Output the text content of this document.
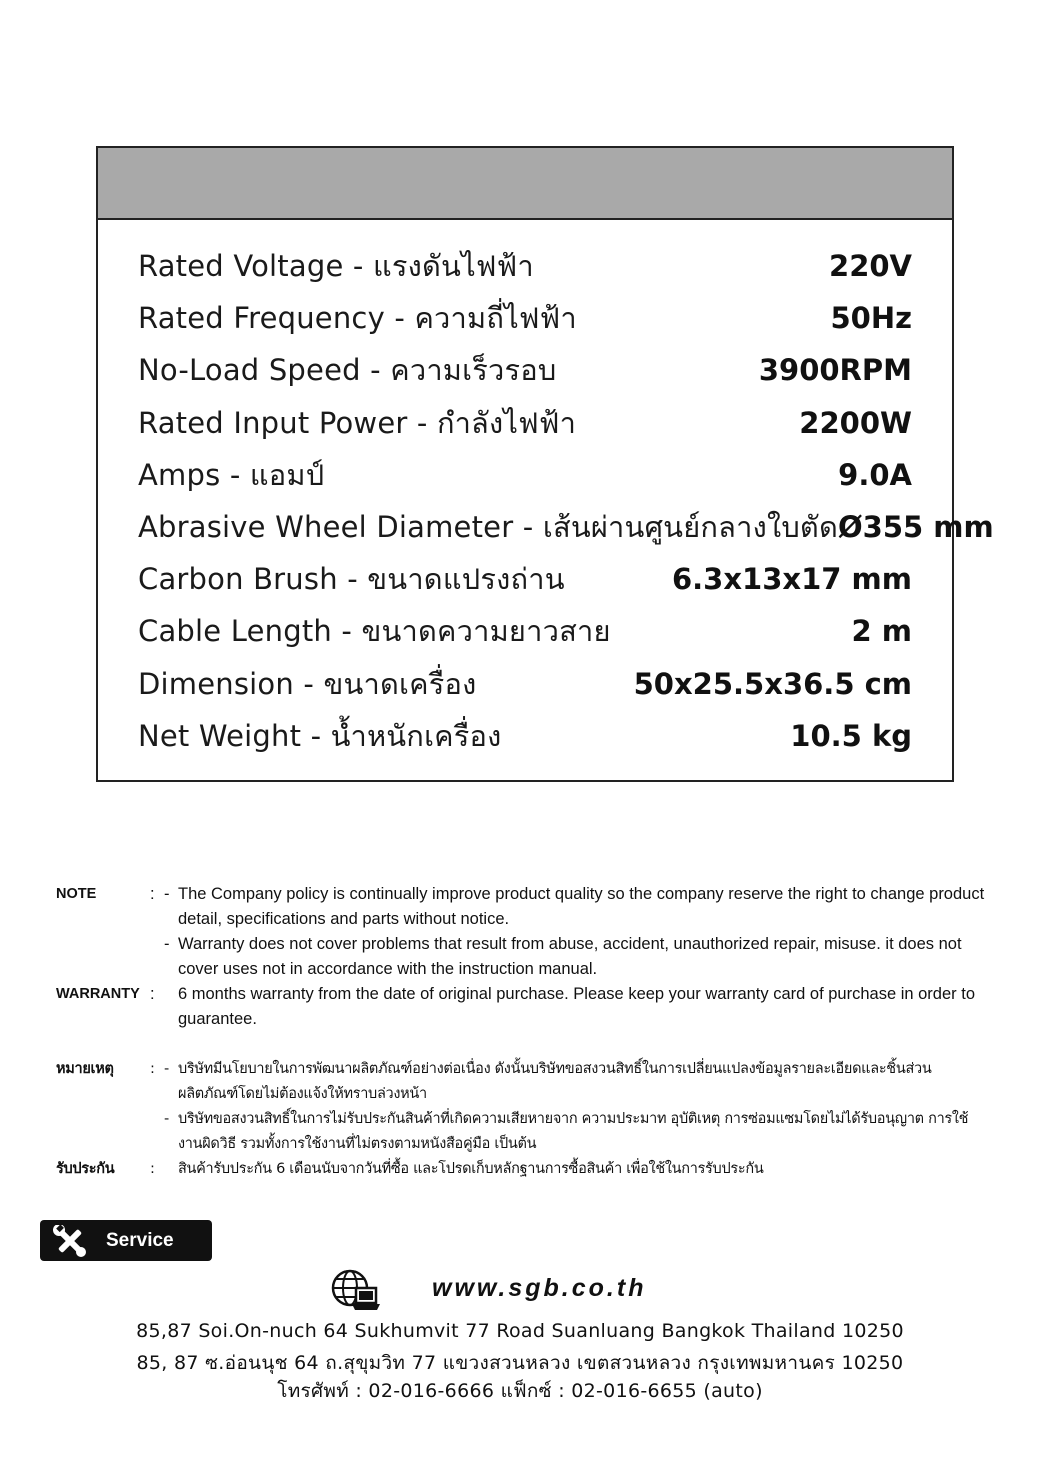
Rated Voltage - แรงดันไฟฟ้า	220V
Rated Frequency - ความถี่ไฟฟ้า	50Hz
No-Load Speed - ความเร็วรอบ	3900RPM
Rated Input Power - กำลังไฟฟ้า	2200W
Amps - แอมป์	9.0A
Abrasive Wheel Diameter - เส้นผ่านศูนย์กลางใบตัด Ø355 mm
Carbon Brush - ขนาดแปรงถ่าน	6.3x13x17 mm
Cable Length - ขนาดความยาวสาย	2 m
Dimension - ขนาดเครื่อง	50x25.5x36.5 cm
Net Weight - น้ำหนักเครื่อง	10.5 kg
NOTE	: - The Company policy is continually improve product quality so the company reserve the right to change product detail, specifications and parts without notice.
- Warranty does not cover problems that result from abuse, accident, unauthorized repair, misuse. it does not cover uses not in accordance with the instruction manual.
WARRANTY :	6 months warranty from the date of original purchase. Please keep your warranty card of purchase in order to guarantee.
หมายเหตุ	: - บริษัทมีนโยบายในการพัฒนาผลิตภัณฑ์อย่างต่อเนื่อง ดังนั้นบริษัทขอสงวนสิทธิ์ในการเปลี่ยนแปลงข้อมูลรายละเอียดและชิ้นส่วนผลิตภัณฑ์โดยไม่ต้องแจ้งให้ทราบล่วงหน้า
- บริษัทขอสงวนสิทธิ์ในการไม่รับประกันสินค้าที่เกิดความเสียหายจาก ความประมาท อุบัติเหตุ การซ่อมแซมโดยไม่ได้รับอนุญาต การใช้งานผิดวิธี รวมทั้งการใช้งานที่ไม่ตรงตามหนังสือคู่มือ เป็นต้น
รับประกัน :	สินค้ารับประกัน 6 เดือนนับจากวันที่ซื้อ และโปรดเก็บหลักฐานการซื้อสินค้า เพื่อใช้ในการรับประกัน
Service
www.sgb.co.th
85,87 Soi.On-nuch 64 Sukhumvit 77 Road Suanluang Bangkok Thailand 10250
85, 87 ซ.อ่อนนุช 64 ถ.สุขุมวิท 77 แขวงสวนหลวง เขตสวนหลวง กรุงเทพมหานคร 10250
โทรศัพท์ : 02-016-6666 แฟ็กซ์ : 02-016-6655 (auto)
